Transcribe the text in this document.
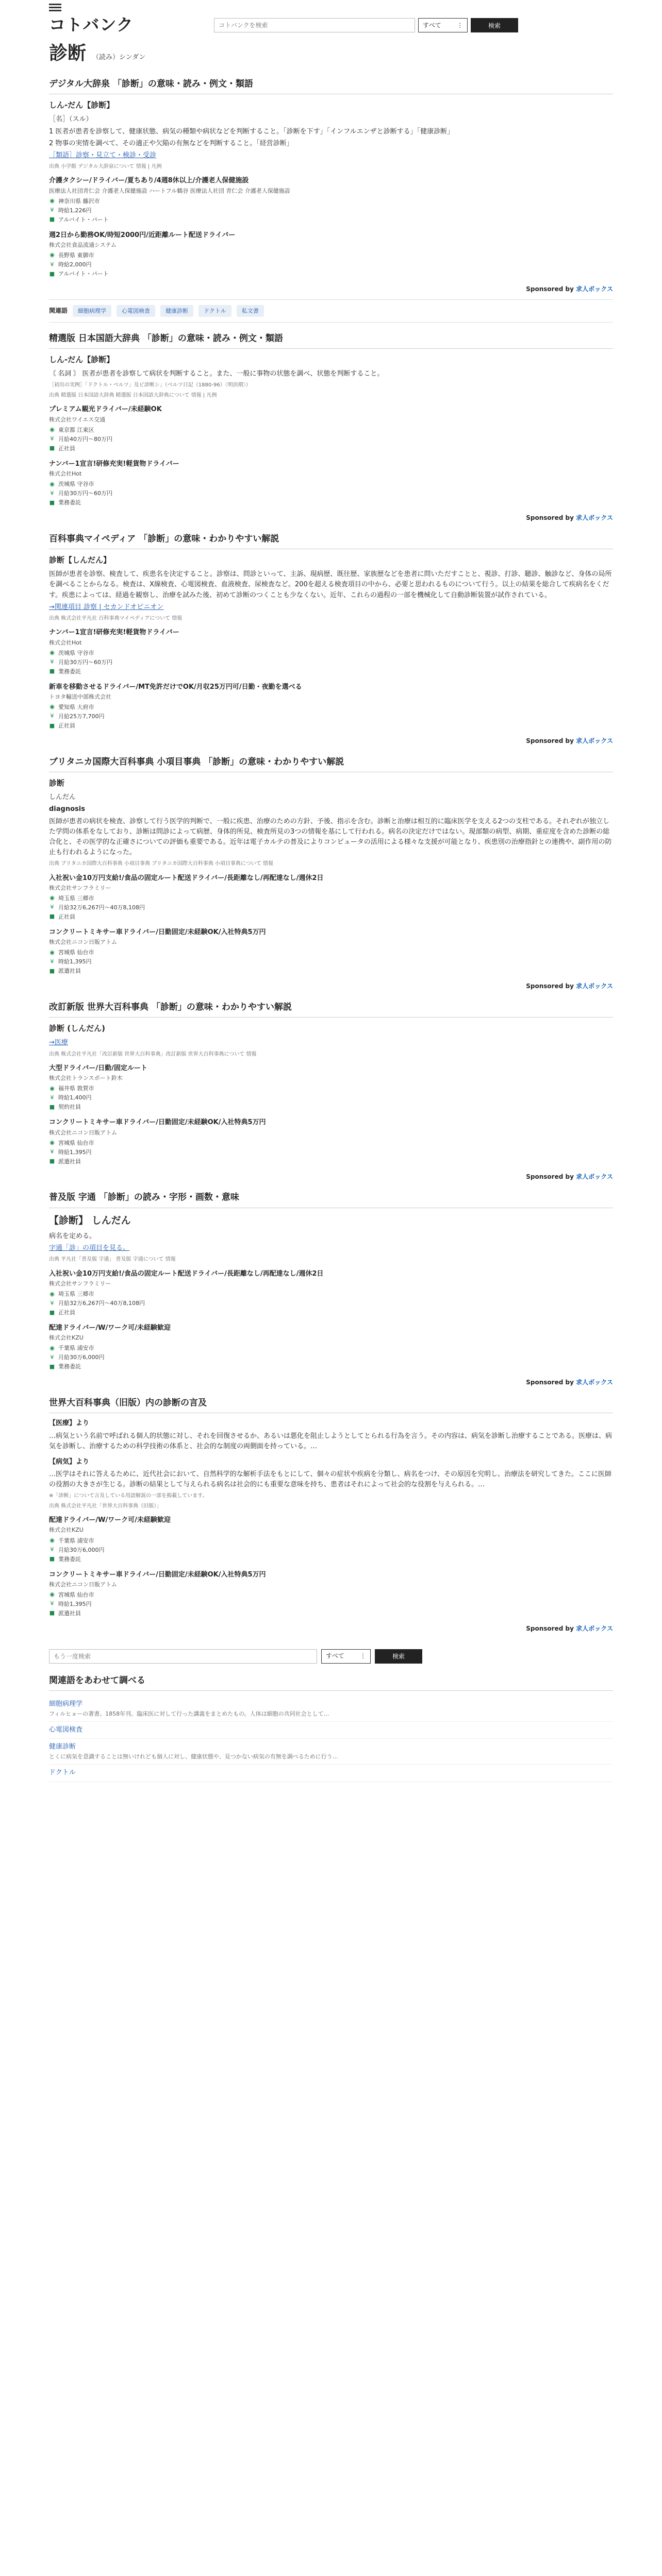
コトバンク
コトバンクを検索	すべて	⋮	検索
診断 （読み）シンダン
デジタル大辞泉 「診断」の意味・読み・例文・類語
しん‐だん【診断】
［名］（スル）
1 医者が患者を診察して、健康状態、病気の種類や病状などを判断すること。「診断を下す」「インフルエンザと診断する」「健康診断」
2 物事の実情を調べて、その適正や欠陥の有無などを判断すること。「経営診断」
［類語］診察・見立て・検診・受診
出典 小学館 デジタル大辞泉について 情報 | 凡例
介護タクシー/ドライバー/夏ちあり/4週8休以上/介護老人保健施設
医療法人社団青仁会 介護老人保健施設 ハートフル鶴谷 医療法人社団 青仁会 介護老人保健施設
◉ 神奈川県 藤沢市
¥ 時給1,226円
■ アルバイト・パート
週2日から勤務OK/時短2000円/近距離ルート配送ドライバー
株式会社食品流通システム
◉ 長野県 東御市
¥ 時給2,000円
■ アルバイト・パート
Sponsored by 求人ボックス
関連語	細胞病理学	心電図検査	健康診断	ドクトル	私文書
精選版 日本国語大辞典 「診断」の意味・読み・例文・類語
しん‐だん【診断】
〘 名詞 〙 医者が患者を診察して病状を判断すること。また、一般に事物の状態を調べ、状態を判断すること。
［初出の実例］「ドクトル・ベルツ」及ビ診断シ」（ベルツ日記（1880-96）〈明治期〉）
出典 精選版 日本国語大辞典 精選版 日本国語大辞典について 情報 | 凡例
プレミアム観光ドライバー/未経験OK
株式会社ワイエス交通
◉ 東京都 江東区
¥ 月給40万円〜80万円
■ 正社員
ナンバー1宣言!研修充実!軽貨物ドライバー
株式会社Hot
◉ 茨城県 守谷市
¥ 月給30万円〜60万円
■ 業務委託
Sponsored by 求人ボックス
百科事典マイペディア 「診断」の意味・わかりやすい解説
診断【しんだん】
医師が患者を診察、検査して、疾患名を決定すること。診察は、問診といって、主訴、現病歴、既往歴、家族歴などを患者に問いただすことと、視診、打診、聴診、触診など、身体の局所を調べることからなる。検査は、X線検査、心電図検査、血液検査、尿検査など。200を超える検査項目の中から、必要と思われるものについて行う。以上の結果を総合して疾病名をくだす。疾患によっては、経過を観察し、治療を試みた後、初めて診断のつくことも少なくない。近年、これらの過程の一部を機械化して自動診断装置が試作されている。
→関連項目 診察 | セカンドオピニオン
出典 株式会社平凡社 百科事典マイペディアについて 情報
ナンバー1宣言!研修充実!軽貨物ドライバー
株式会社Hot
◉ 茨城県 守谷市
¥ 月給30万円〜60万円
■ 業務委託
新車を移動させるドライバー/MT免許だけでOK/月収25万円可/日勤・夜勤を選べる
トヨタ輸送中部株式会社
◉ 愛知県 大府市
¥ 月給25万7,700円
■ 正社員
Sponsored by 求人ボックス
ブリタニカ国際大百科事典 小項目事典 「診断」の意味・わかりやすい解説
診断
しんだん
diagnosis
医師が患者の病状を検査、診察して行う医学的判断で、一般に疾患、治療のための方針、予後、指示を含む。診断と治療は相互的に臨床医学を支える2つの支柱である。それぞれが独立した学問の体系をなしており、診断は問診によって病歴、身体的所見、検査所見の3つの情報を基にして行われる。病名の決定だけではない。現部類の病型、病期、重症度を含めた診断の総合化と、その医学的な正確さについての評価も重要である。近年は電子カルテの普及によりコンピュータの活用による様々な支援が可能となり、疾患別の治療指針との連携や、副作用の防止も行われるようになった。
出典 ブリタニカ国際大百科事典 小項目事典 ブリタニカ国際大百科事典 小項目事典について 情報
入社祝い金10万円支給!/食品の固定ルート配送ドライバー/長距離なし/再配達なし/週休2日
株式会社サンフラミリー
◉ 埼玉県 三郷市
¥ 月給32万6,267円〜40万8,108円
■ 正社員
コンクリートミキサー車ドライバー/日勤固定/未経験OK/入社特典5万円
株式会社ニコン日販アトム
◉ 宮城県 仙台市
¥ 時給1,395円
■ 派遣社員
Sponsored by 求人ボックス
改訂新版 世界大百科事典 「診断」の意味・わかりやすい解説
診断 (しんだん)
→医療
出典 株式会社平凡社「改訂新版 世界大百科事典」改訂新版 世界大百科事典について 情報
大型ドライバー/日勤/固定ルート
株式会社トランスポート鈴木
◉ 福井県 敦賀市
¥ 時給1,400円
■ 契約社員
コンクリートミキサー車ドライバー/日勤固定/未経験OK/入社特典5万円
株式会社ニコン日販アトム
◉ 宮城県 仙台市
¥ 時給1,395円
■ 派遣社員
Sponsored by 求人ボックス
普及版 字通 「診断」の読み・字形・画数・意味
【診断】 しんだん
病名を定める。
字通「診」の項目を見る。
出典 平凡社「普及版 字通」 普及版 字通について 情報
入社祝い金10万円支給!/食品の固定ルート配送ドライバー/長距離なし/再配達なし/週休2日
株式会社サンフラミリー
◉ 埼玉県 三郷市
¥ 月給32万6,267円〜40万8,108円
■ 正社員
配達ドライバー/W/ワーク可/未経験歓迎
株式会社KZU
◉ 千葉県 浦安市
¥ 月給30万6,000円
■ 業務委託
Sponsored by 求人ボックス
世界大百科事典（旧版）内の診断の言及
【医療】より
…病気という名前で呼ばれる個人的状態に対し、それを回復させるか、あるいは悪化を阻止しようとしてとられる行為を言う。その内容は、病気を診断し治療することである。医療は、病気を診断し、治療するための科学技術の体系と、社会的な制度の両側面を持っている。…
【病気】より
…医学はそれに答えるために、近代社会において、自然科学的な解析手法をもとにして、個々の症状や疾病を分類し、病名をつけ、その原因を究明し、治療法を研究してきた。ここに医師の役割の大きさが生じる。診断の結果として与えられる病名は社会的にも重要な意味を持ち、患者はそれによって社会的な役割を与えられる。…
※「診断」について言及している用語解説の一部を掲載しています。
出典 株式会社平凡社「世界大百科事典（旧版）」
配達ドライバー/W/ワーク可/未経験歓迎
株式会社KZU
◉ 千葉県 浦安市
¥ 月給30万6,000円
■ 業務委託
コンクリートミキサー車ドライバー/日勤固定/未経験OK/入社特典5万円
株式会社ニコン日販アトム
◉ 宮城県 仙台市
¥ 時給1,395円
■ 派遣社員
Sponsored by 求人ボックス
もう一度検索
すべて	⋮	検索
関連語をあわせて調べる
細胞病理学
フィルヒョーの著書。1858年刊。臨床医に対して行った講義をまとめたもの。人体は細胞の共同社会として…
心電図検査
健康診断
とくに病気を意識することは無いけれども個人に対し、健康状態や、見つかない病気の有無を調べるために行う…
ドクトル
